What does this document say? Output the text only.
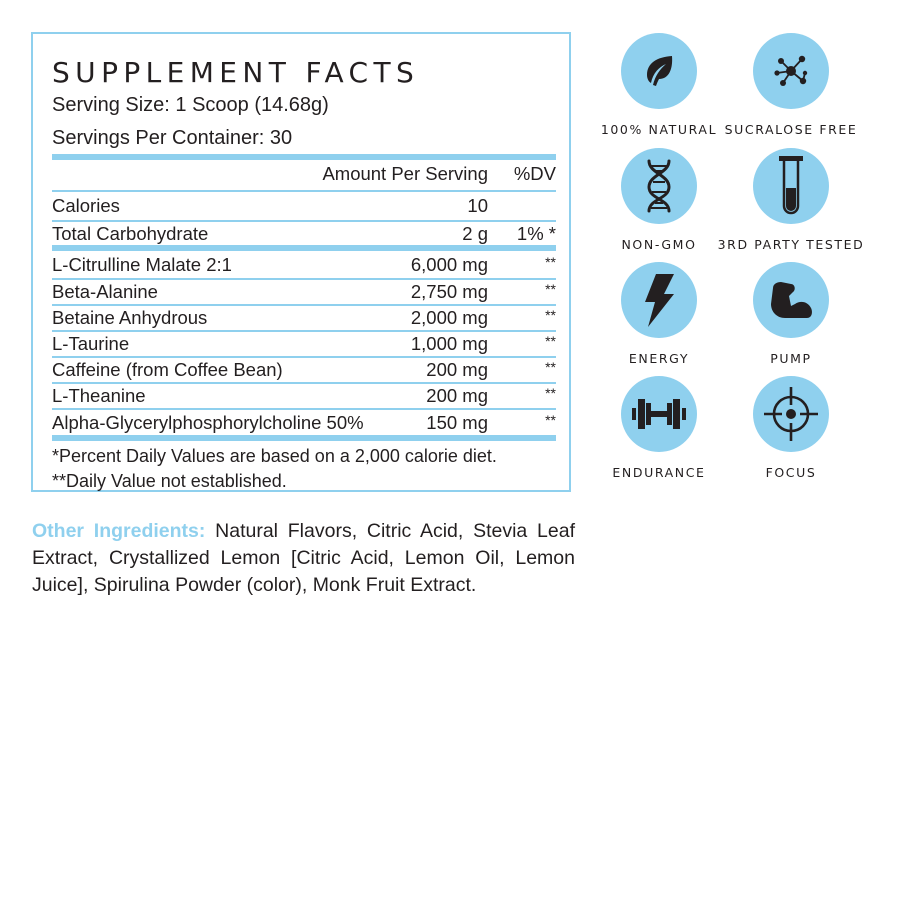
SUPPLEMENT FACTS
Serving Size: 1 Scoop (14.68g)
Servings Per Container: 30
Amount Per Serving %DV
Calories	10
Total Carbohydrate	2 g 1% *
L-Citrulline Malate 2:1	6,000 mg	**
Beta-Alanine	2,750 mg	**
Betaine Anhydrous	2,000 mg	**
L-Taurine	1,000 mg	**
Caffeine (from Coffee Bean)	200 mg	**
L-Theanine	200 mg	**
Alpha-Glycerylphosphorylcholine 50%	150 mg	**
*Percent Daily Values are based on a 2,000 calorie diet.
**Daily Value not established.
Other Ingredients: Natural Flavors, Citric Acid, Stevia Leaf Extract, Crystallized Lemon [Citric Acid, Lemon Oil, Lemon Juice], Spirulina Powder (color), Monk Fruit Extract.
100% NATURAL SUCRALOSE FREE
NON-GMO	3RD PARTY TESTED
ENERGY	PUMP
ENDURANCE	FOCUS
